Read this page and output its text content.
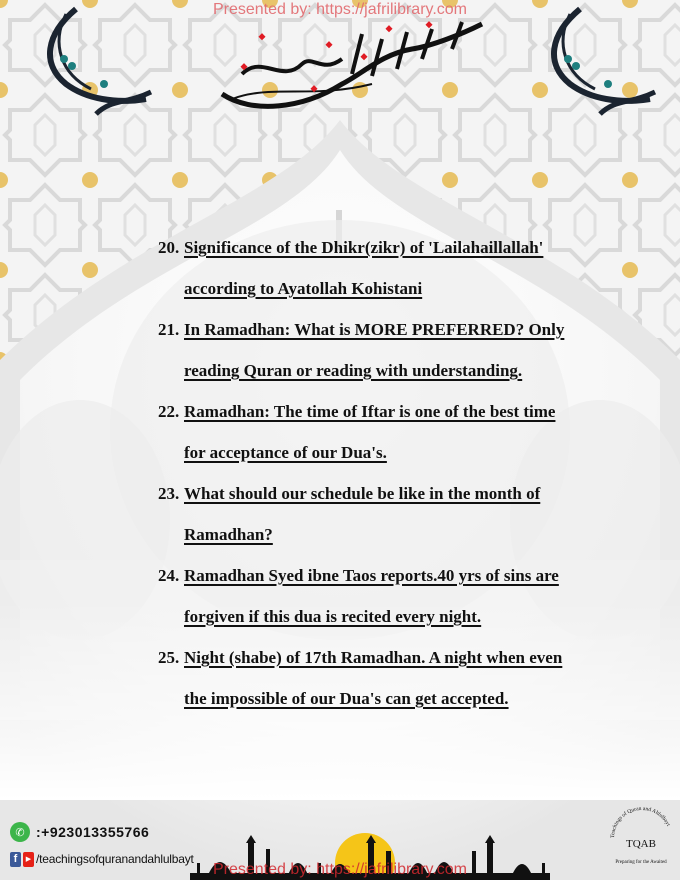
Presented by: https://jafrilibrary.com
20. Significance of the Dhikr(zikr) of 'Lailahaillallah'
according to Ayatollah Kohistani
21. In Ramadhan: What is MORE PREFERRED? Only
reading Quran or reading with understanding.
22. Ramadhan: The time of Iftar is one of the best time
for acceptance of our Dua's.
23. What should our schedule be like in the month of
Ramadhan?
24. Ramadhan Syed ibne Taos reports.40 yrs of sins are
forgiven if this dua is recited every night.
25. Night (shabe) of 17th Ramadhan. A night when even
the impossible of our Dua's can get accepted.
✆ :+923013355766
f	▶ /teachingsofquranandahlulbayt
Presented by: https://jafrilibrary.com
Teachings of Quran and Ahlulbayt
TQAB
Preparing for the Awaited
